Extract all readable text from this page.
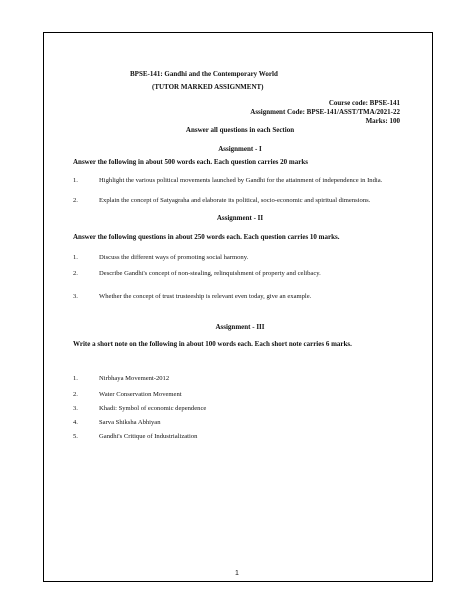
BPSE-141: Gandhi and the Contemporary World
(TUTOR MARKED ASSIGNMENT)
Course code: BPSE-141
Assignment Code: BPSE-141/ASST/TMA/2021-22
Marks: 100
Answer all questions in each Section
Assignment - I
Answer the following in about 500 words each. Each question carries 20 marks
1.	Highlight the various political movements launched by Gandhi for the attainment of independence in India.
2.	Explain the concept of Satyagraha and elaborate its political, socio-economic and spiritual dimensions.
Assignment - II
Answer the following questions in about 250 words each. Each question carries 10 marks.
1.	Discuss the different ways of promoting social harmony.
2.	Describe Gandhi's concept of non-stealing, relinquishment of property and celibacy.
3.	Whether the concept of trust trusteeship is relevant even today, give an example.
Assignment - III
Write a short note on the following in about 100 words each. Each short note carries 6 marks.
1.	Nirbhaya Movement-2012
2.	Water Conservation Movement
3.	Khadi: Symbol of economic dependence
4.	Sarva Shiksha Abhiyan
5.	Gandhi's Critique of Industrialization
1
